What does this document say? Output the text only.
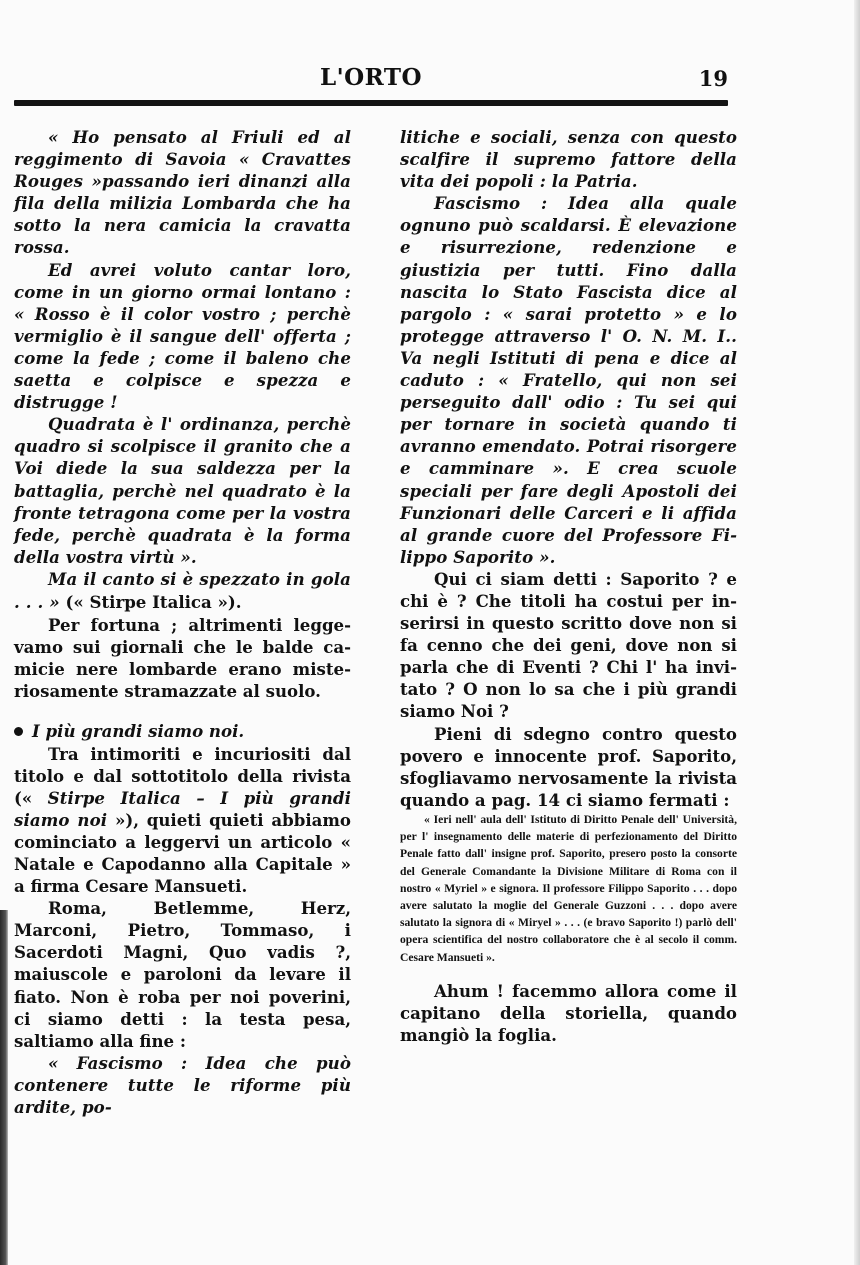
L'ORTO	19

« Ho pensato al Friuli ed al reggimento di Savoia « Cravattes Rouges »passando ieri dinanzi alla fila della milizia Lombarda che ha sotto la nera camicia la cravatta rossa.

Ed avrei voluto cantar loro, come in un giorno ormai lontano : « Rosso è il color vostro ; perchè vermiglio è il sangue dell' offerta ; come la fede ; come il baleno che saetta e colpisce e spezza e distrugge !

Quadrata è l' ordinanza, perchè quadro si scolpisce il granito che a Voi diede la sua saldezza per la battaglia, perchè nel quadrato è la fronte tetragona come per la vostra fede, perchè quadrata è la forma della vostra virtù ».

Ma il canto si è spezzato in gola . . . » (« Stirpe Italica »).

Per fortuna ; altrimenti leggevamo sui giornali che le balde camicie nere lombarde erano misteriosamente stramazzate al suolo.

I più grandi siamo noi.

Tra intimoriti e incuriositi dal titolo e dal sottotitolo della rivista (« Stirpe Italica – I più grandi siamo noi »), quieti quieti abbiamo cominciato a leggervi un articolo « Natale e Capodanno alla Capitale » a firma Cesare Mansueti.

Roma, Betlemme, Herz, Marconi, Pietro, Tommaso, i Sacerdoti Magni, Quo vadis ?, maiuscole e paroloni da levare il fiato. Non è roba per noi poverini, ci siamo detti : la testa pesa, saltiamo alla fine :

« Fascismo : Idea che può contenere tutte le riforme più ardite, po-

litiche e sociali, senza con questo scalfire il supremo fattore della vita dei popoli : la Patria.

Fascismo : Idea alla quale ognuno può scaldarsi. È elevazione e risurrezione, redenzione e giustizia per tutti. Fino dalla nascita lo Stato Fascista dice al pargolo : « sarai protetto » e lo protegge attraverso l' O. N. M. I.. Va negli Istituti di pena e dice al caduto : « Fratello, qui non sei perseguito dall' odio : Tu sei qui per tornare in società quando ti avranno emendato. Potrai risorgere e camminare ». E crea scuole speciali per fare degli Apostoli dei Funzionari delle Carceri e li affida al grande cuore del Professore Filippo Saporito ».

Qui ci siam detti : Saporito ? e chi è ? Che titoli ha costui per inserirsi in questo scritto dove non si fa cenno che dei geni, dove non si parla che di Eventi ? Chi l' ha invitato ? O non lo sa che i più grandi siamo Noi ?

Pieni di sdegno contro questo povero e innocente prof. Saporito, sfogliavamo nervosamente la rivista quando a pag. 14 ci siamo fermati :

« Ieri nell' aula dell' Istituto di Diritto Penale dell' Università, per l' insegnamento delle materie di perfezionamento del Diritto Penale fatto dall' insigne prof. Saporito, presero posto la consorte del Generale Comandante la Divisione Militare di Roma con il nostro « Myriel » e signora. Il professore Filippo Saporito . . . dopo avere salutato la moglie del Generale Guzzoni . . . dopo avere salutato la signora di « Miryel » . . . (e bravo Saporito !) parlò dell' opera scientifica del nostro collaboratore che è al secolo il comm. Cesare Mansueti ».

Ahum ! facemmo allora come il capitano della storiella, quando mangiò la foglia.
